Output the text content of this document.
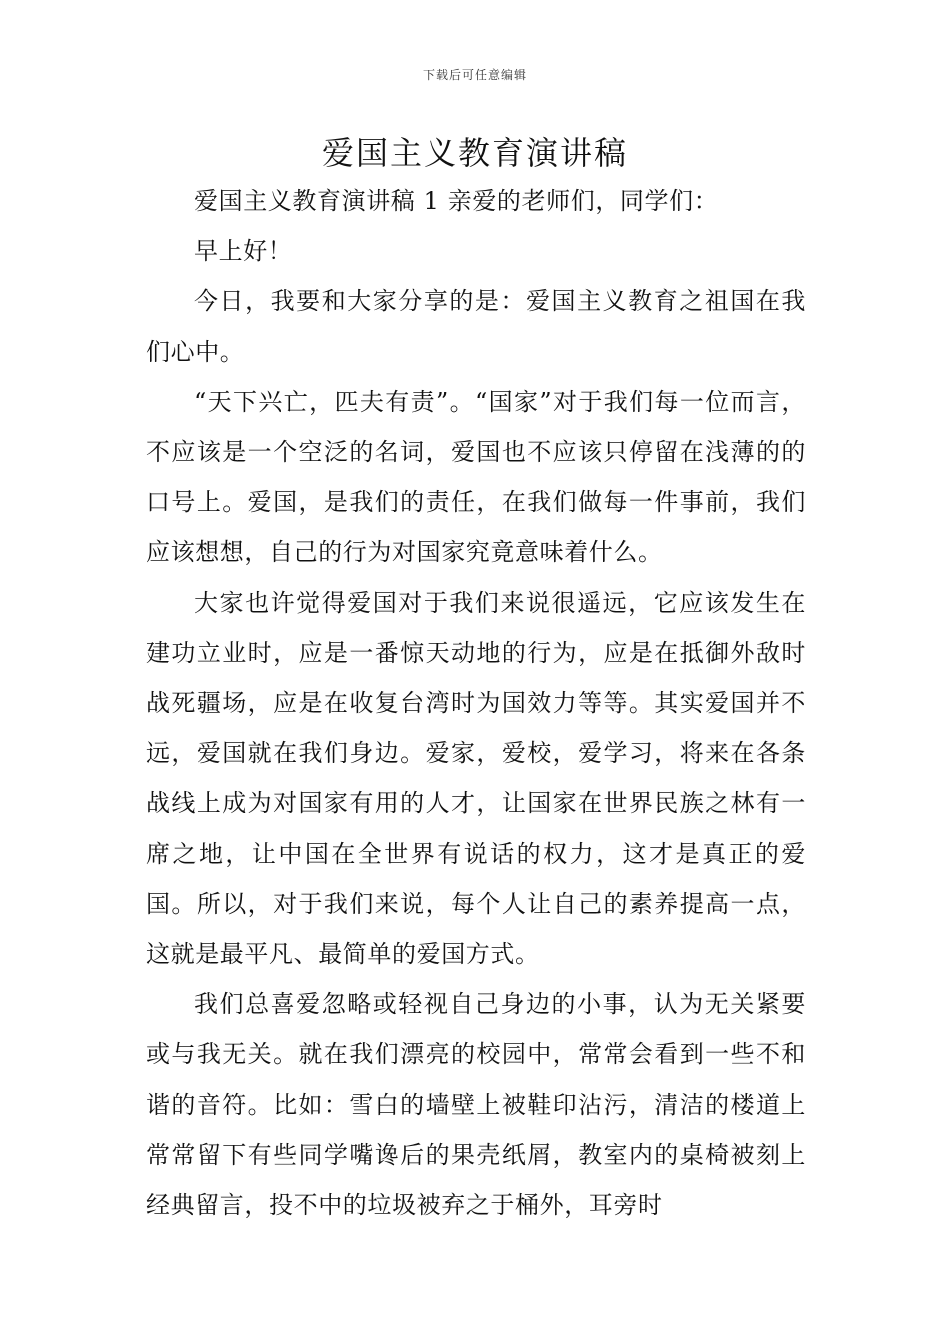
下载后可任意编辑
爱国主义教育演讲稿

爱国主义教育演讲稿 1 亲爱的老师们，同学们：

早上好！

今日，我要和大家分享的是：爱国主义教育之祖国在我们心中。

“天下兴亡，匹夫有责”。“国家”对于我们每一位而言，不应该是一个空泛的名词，爱国也不应该只停留在浅薄的的口号上。爱国，是我们的责任，在我们做每一件事前，我们应该想想，自己的行为对国家究竟意味着什么。

大家也许觉得爱国对于我们来说很遥远，它应该发生在建功立业时，应是一番惊天动地的行为，应是在抵御外敌时战死疆场，应是在收复台湾时为国效力等等。其实爱国并不远，爱国就在我们身边。爱家，爱校，爱学习，将来在各条战线上成为对国家有用的人才，让国家在世界民族之林有一席之地，让中国在全世界有说话的权力，这才是真正的爱国。所以，对于我们来说，每个人让自己的素养提高一点，这就是最平凡、最简单的爱国方式。

我们总喜爱忽略或轻视自己身边的小事，认为无关紧要或与我无关。就在我们漂亮的校园中，常常会看到一些不和谐的音符。比如：雪白的墙壁上被鞋印沾污，清洁的楼道上常常留下有些同学嘴谗后的果壳纸屑，教室内的桌椅被刻上经典留言，投不中的垃圾被弃之于桶外，耳旁时
